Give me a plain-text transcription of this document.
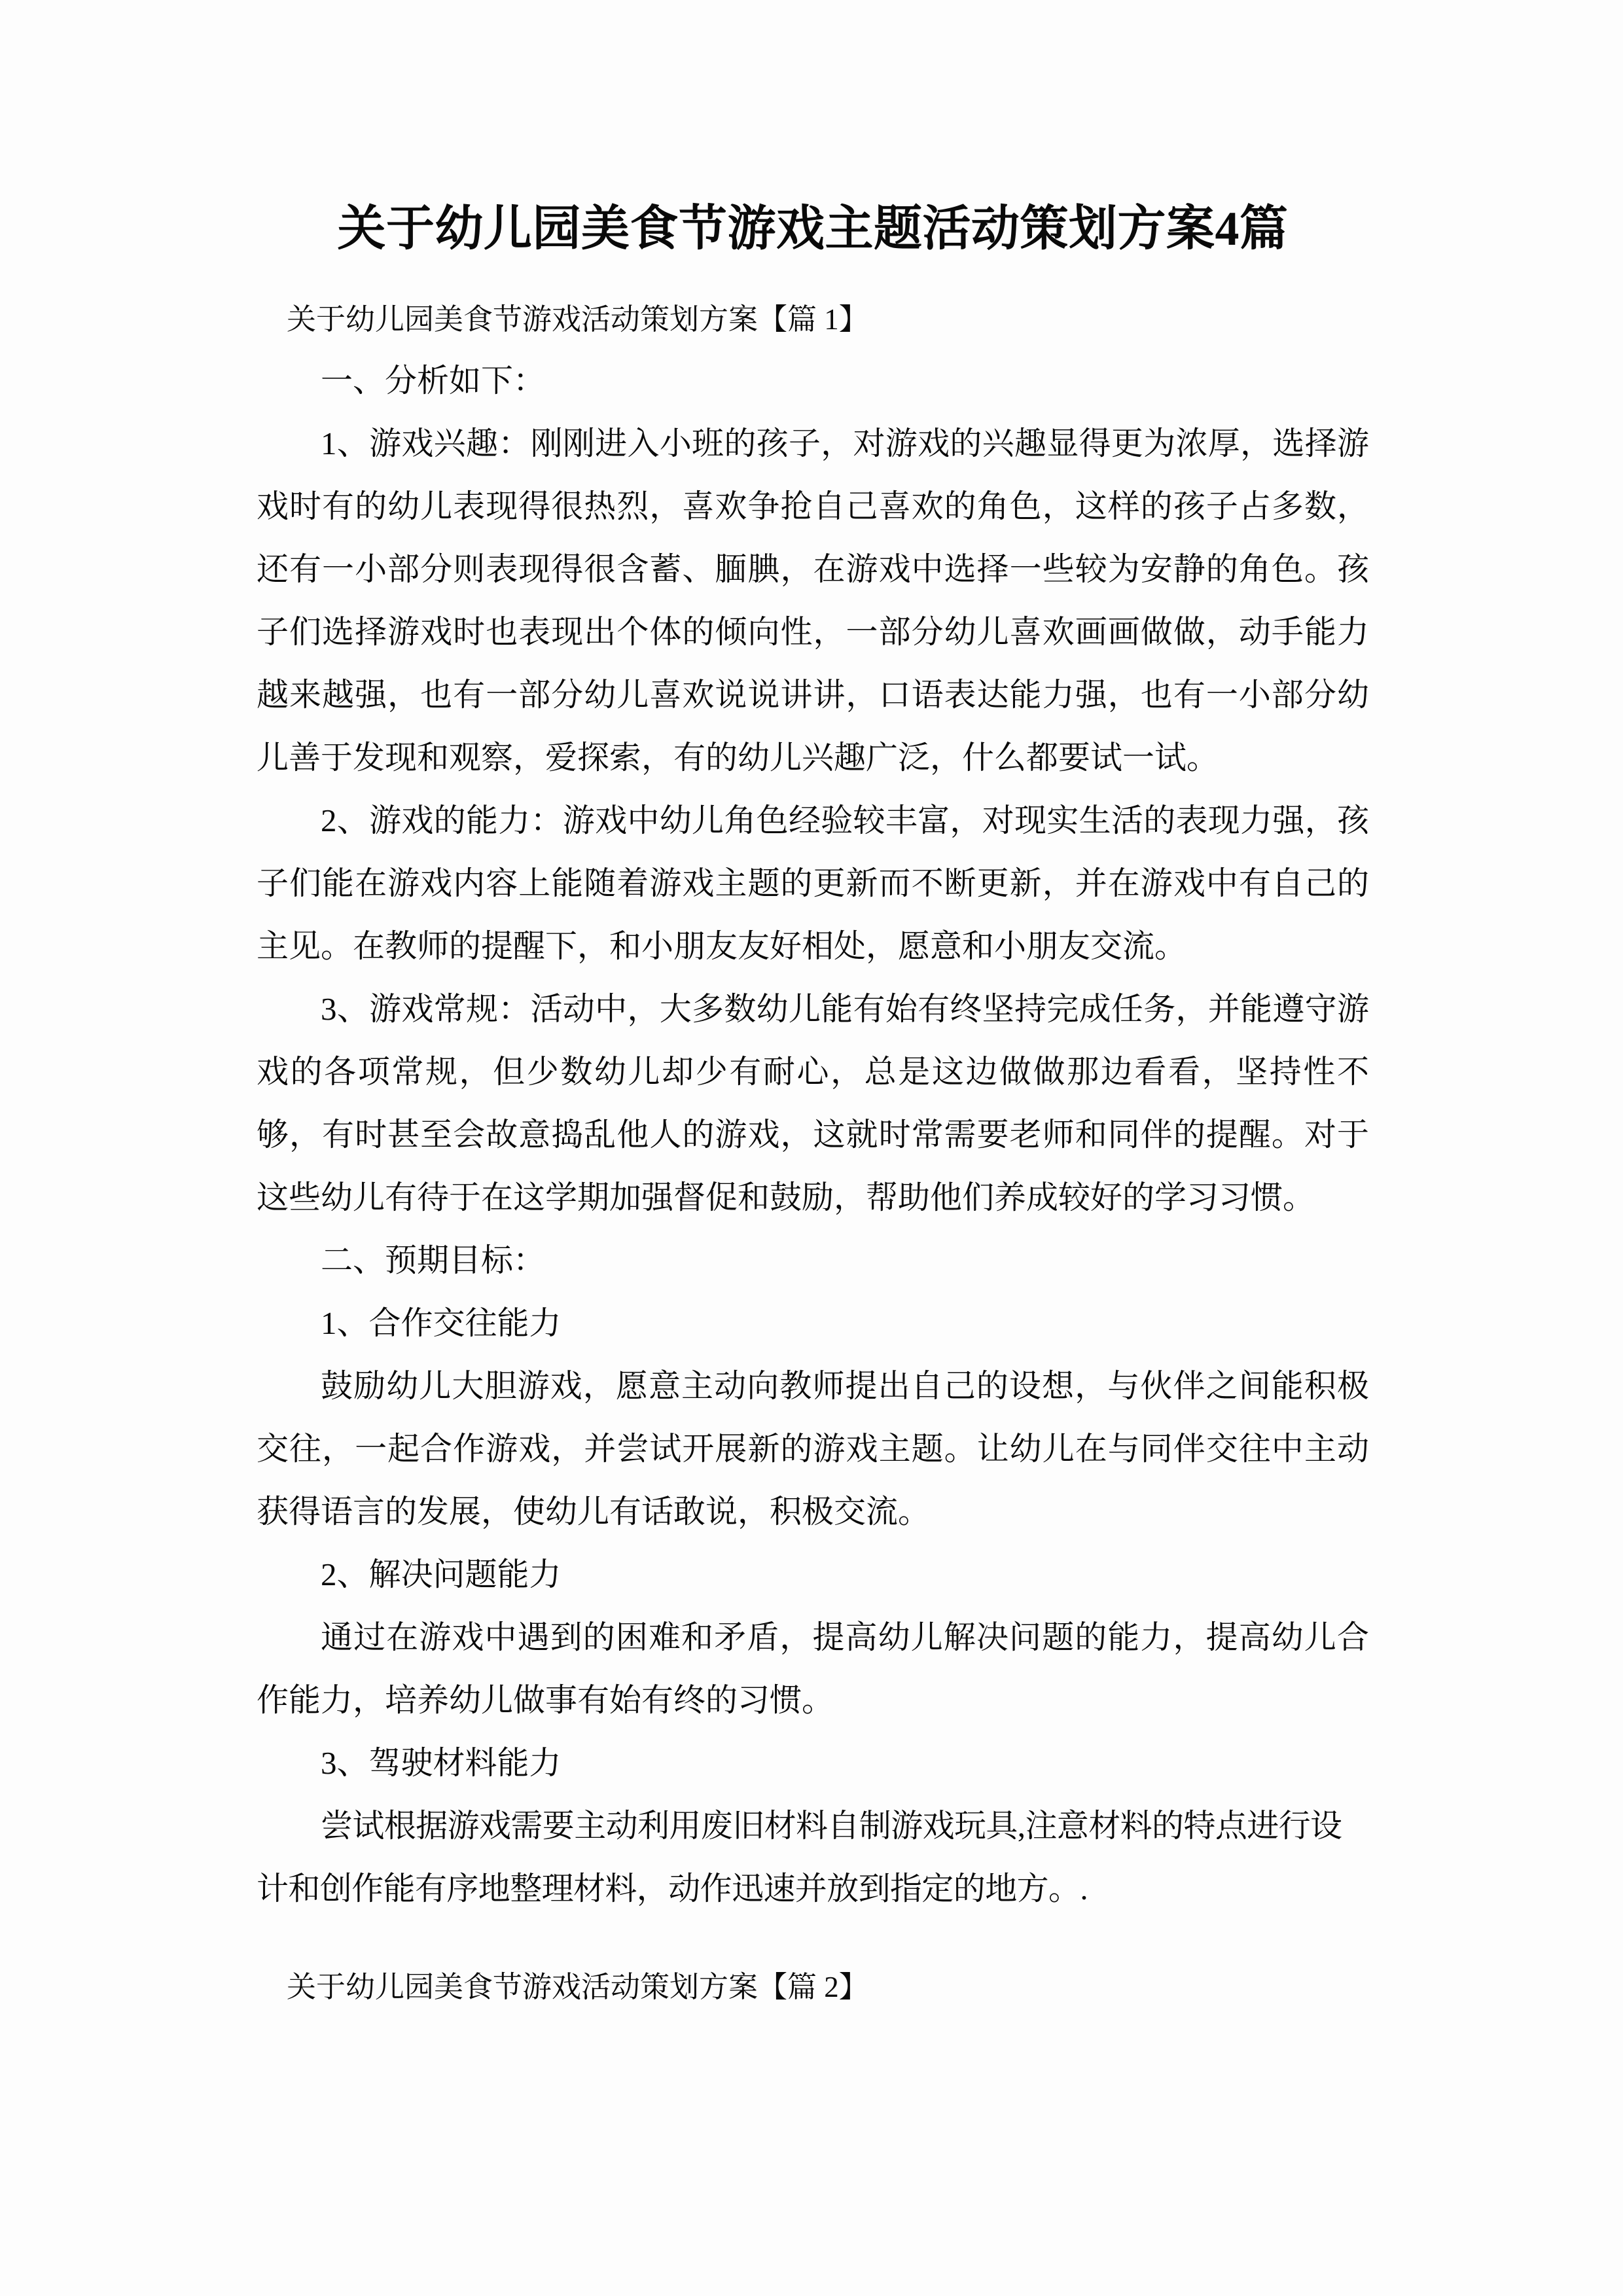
关于幼儿园美食节游戏主题活动策划方案4篇

关于幼儿园美食节游戏活动策划方案【篇 1】

一、分析如下：

1、游戏兴趣：刚刚进入小班的孩子，对游戏的兴趣显得更为浓厚，选择游戏时有的幼儿表现得很热烈，喜欢争抢自己喜欢的角色，这样的孩子占多数，还有一小部分则表现得很含蓄、腼腆，在游戏中选择一些较为安静的角色。孩子们选择游戏时也表现出个体的倾向性，一部分幼儿喜欢画画做做，动手能力越来越强，也有一部分幼儿喜欢说说讲讲，口语表达能力强，也有一小部分幼儿善于发现和观察，爱探索，有的幼儿兴趣广泛，什么都要试一试。

2、游戏的能力：游戏中幼儿角色经验较丰富，对现实生活的表现力强，孩子们能在游戏内容上能随着游戏主题的更新而不断更新，并在游戏中有自己的主见。在教师的提醒下，和小朋友友好相处，愿意和小朋友交流。

3、游戏常规：活动中，大多数幼儿能有始有终坚持完成任务，并能遵守游戏的各项常规，但少数幼儿却少有耐心，总是这边做做那边看看，坚持性不够，有时甚至会故意捣乱他人的游戏，这就时常需要老师和同伴的提醒。对于这些幼儿有待于在这学期加强督促和鼓励，帮助他们养成较好的学习习惯。

二、预期目标：

1、合作交往能力

鼓励幼儿大胆游戏，愿意主动向教师提出自己的设想，与伙伴之间能积极交往，一起合作游戏，并尝试开展新的游戏主题。让幼儿在与同伴交往中主动获得语言的发展，使幼儿有话敢说，积极交流。

2、解决问题能力

通过在游戏中遇到的困难和矛盾，提高幼儿解决问题的能力，提高幼儿合作能力，培养幼儿做事有始有终的习惯。

3、驾驶材料能力

尝试根据游戏需要主动利用废旧材料自制游戏玩具,注意材料的特点进行设计和创作能有序地整理材料，动作迅速并放到指定的地方。.

关于幼儿园美食节游戏活动策划方案【篇 2】
